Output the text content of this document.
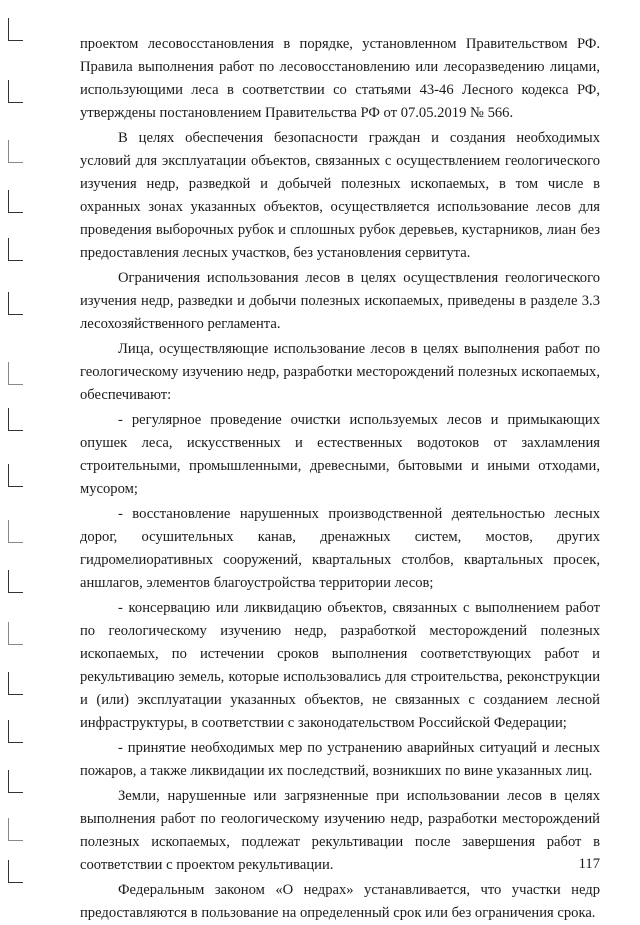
проектом лесовосстановления в порядке, установленном Правительством РФ. Правила выполнения работ по лесовосстановлению или лесоразведению лицами, использующими леса в соответствии со статьями 43-46 Лесного кодекса РФ, утверждены постановлением Правительства РФ от 07.05.2019 № 566.

В целях обеспечения безопасности граждан и создания необходимых условий для эксплуатации объектов, связанных с осуществлением геологического изучения недр, разведкой и добычей полезных ископаемых, в том числе в охранных зонах указанных объектов, осуществляется использование лесов для проведения выборочных рубок и сплошных рубок деревьев, кустарников, лиан без предоставления лесных участков, без установления сервитута.

Ограничения использования лесов в целях осуществления геологического изучения недр, разведки и добычи полезных ископаемых, приведены в разделе 3.3 лесохозяйственного регламента.

Лица, осуществляющие использование лесов в целях выполнения работ по геологическому изучению недр, разработки месторождений полезных ископаемых, обеспечивают:

- регулярное проведение очистки используемых лесов и примыкающих опушек леса, искусственных и естественных водотоков от захламления строительными, промышленными, древесными, бытовыми и иными отходами, мусором;

- восстановление нарушенных производственной деятельностью лесных дорог, осушительных канав, дренажных систем, мостов, других гидромелиоративных сооружений, квартальных столбов, квартальных просек, аншлагов, элементов благоустройства территории лесов;

- консервацию или ликвидацию объектов, связанных с выполнением работ по геологическому изучению недр, разработкой месторождений полезных ископаемых, по истечении сроков выполнения соответствующих работ и рекультивацию земель, которые использовались для строительства, реконструкции и (или) эксплуатации указанных объектов, не связанных с созданием лесной инфраструктуры, в соответствии с законодательством Российской Федерации;

- принятие необходимых мер по устранению аварийных ситуаций и лесных пожаров, а также ликвидации их последствий, возникших по вине указанных лиц.

Земли, нарушенные или загрязненные при использовании лесов в целях выполнения работ по геологическому изучению недр, разработки месторождений полезных ископаемых, подлежат рекультивации после завершения работ в соответствии с проектом рекультивации.

Федеральным законом «О недрах» устанавливается, что участки недр предоставляются в пользование на определенный срок или без ограничения срока.

117
